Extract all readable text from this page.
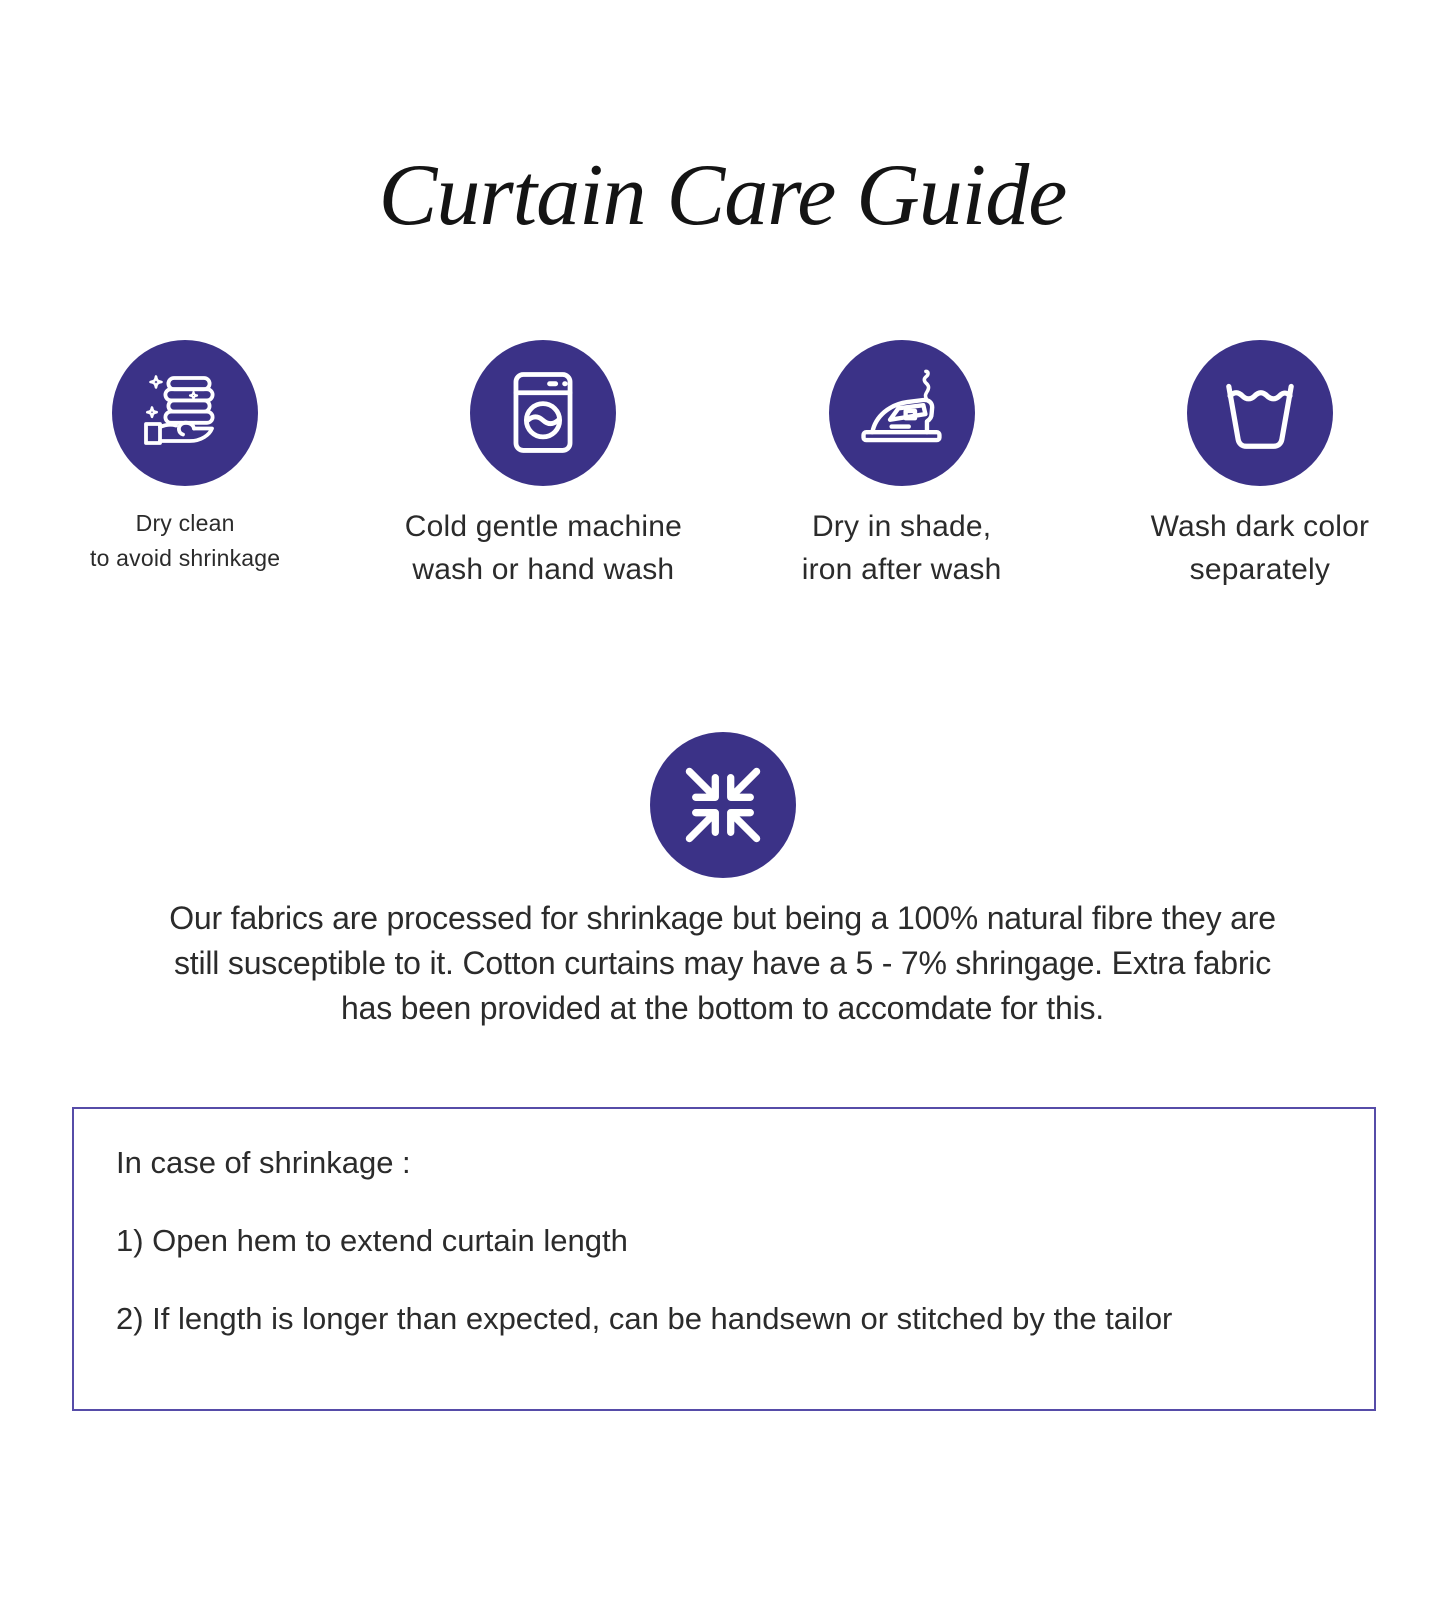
Curtain Care Guide
Dry clean
to avoid shrinkage
Cold gentle machine
wash or hand wash
Dry in shade,
iron after wash
Wash dark color
separately
Our fabrics are processed for shrinkage but being a 100% natural fibre they are
still susceptible to it. Cotton curtains may have a 5 - 7% shringage. Extra fabric
has been provided at the bottom to accomdate for this.
In case of shrinkage :
1) Open hem to extend curtain length
2) If length is longer than expected, can be handsewn or stitched by the tailor
